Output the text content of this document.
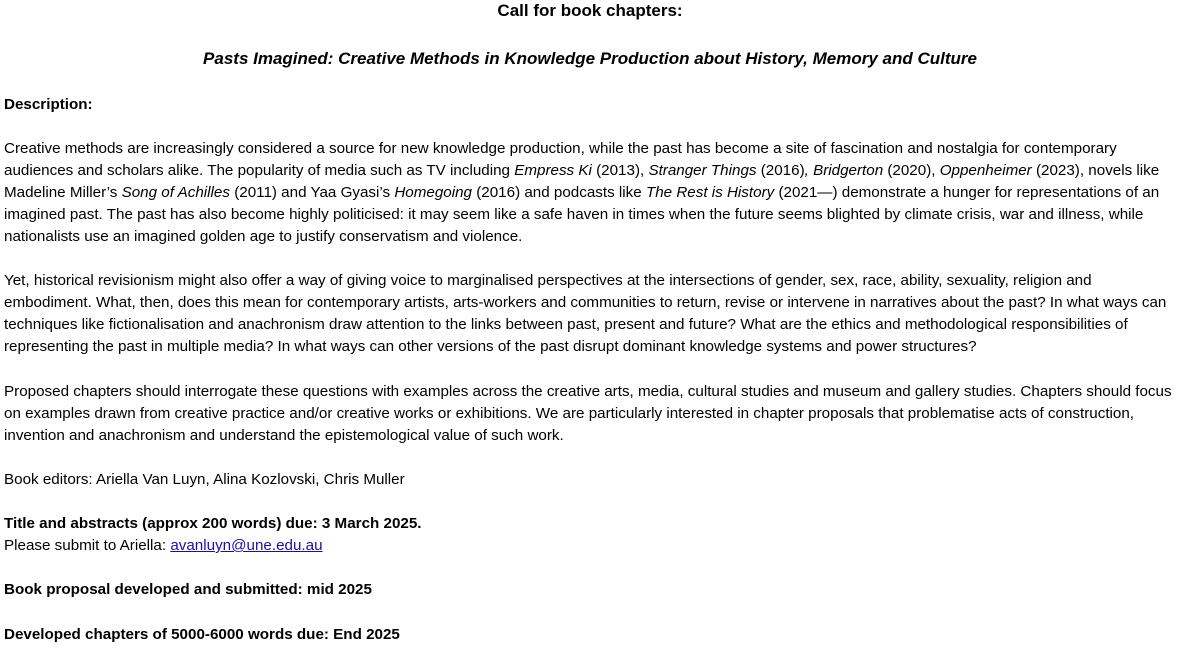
Call for book chapters:
Pasts Imagined: Creative Methods in Knowledge Production about History, Memory and Culture
Description:

Creative methods are increasingly considered a source for new knowledge production, while the past has become a site of fascination and nostalgia for contemporary audiences and scholars alike. The popularity of media such as TV including Empress Ki (2013), Stranger Things (2016), Bridgerton (2020), Oppenheimer (2023), novels like Madeline Miller’s Song of Achilles (2011) and Yaa Gyasi’s Homegoing (2016) and podcasts like The Rest is History (2021—) demonstrate a hunger for representations of an imagined past. The past has also become highly politicised: it may seem like a safe haven in times when the future seems blighted by climate crisis, war and illness, while nationalists use an imagined golden age to justify conservatism and violence.

Yet, historical revisionism might also offer a way of giving voice to marginalised perspectives at the intersections of gender, sex, race, ability, sexuality, religion and embodiment. What, then, does this mean for contemporary artists, arts-workers and communities to return, revise or intervene in narratives about the past? In what ways can techniques like fictionalisation and anachronism draw attention to the links between past, present and future? What are the ethics and methodological responsibilities of representing the past in multiple media? In what ways can other versions of the past disrupt dominant knowledge systems and power structures?

Proposed chapters should interrogate these questions with examples across the creative arts, media, cultural studies and museum and gallery studies. Chapters should focus on examples drawn from creative practice and/or creative works or exhibitions. We are particularly interested in chapter proposals that problematise acts of construction, invention and anachronism and understand the epistemological value of such work.

Book editors: Ariella Van Luyn, Alina Kozlovski, Chris Muller
Title and abstracts (approx 200 words) due: 3 March 2025.
Please submit to Ariella: avanluyn@une.edu.au
Book proposal developed and submitted: mid 2025
Developed chapters of 5000-6000 words due: End 2025
